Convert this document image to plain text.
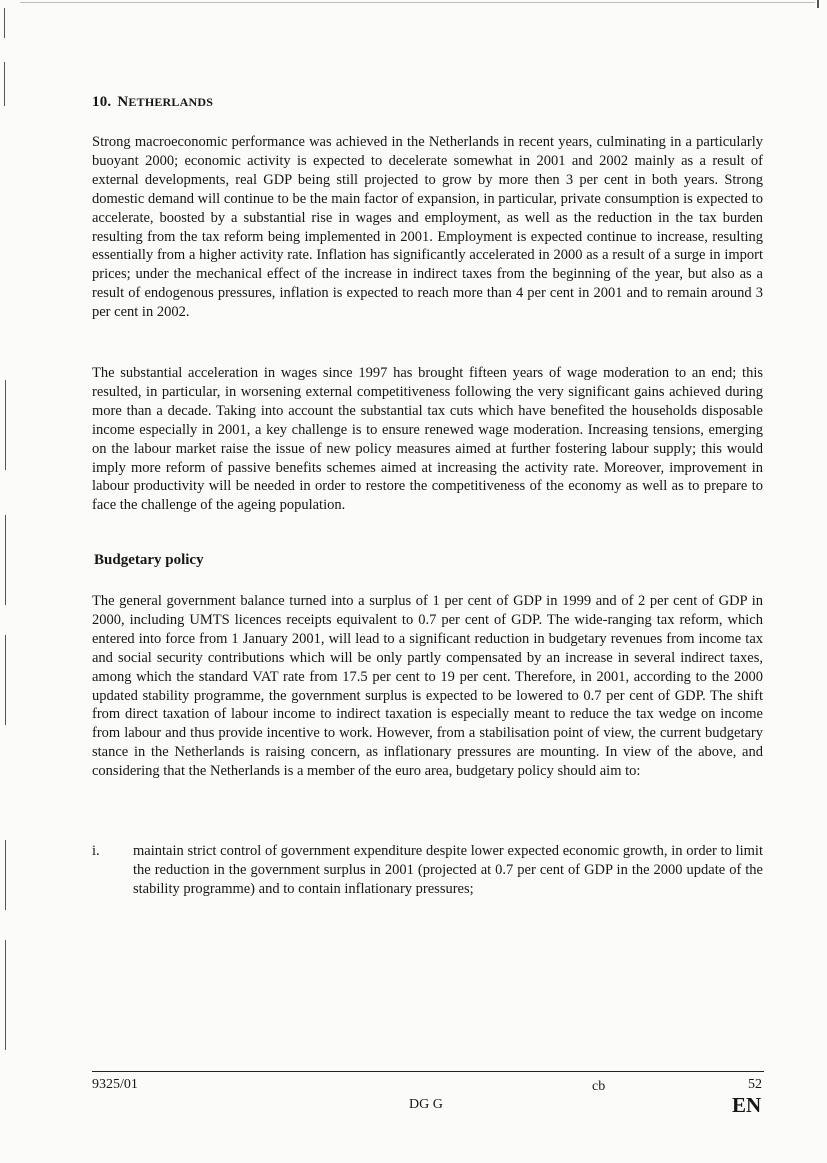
10. NETHERLANDS

Strong macroeconomic performance was achieved in the Netherlands in recent years, culminating in a particularly buoyant 2000; economic activity is expected to decelerate somewhat in 2001 and 2002 mainly as a result of external developments, real GDP being still projected to grow by more then 3 per cent in both years. Strong domestic demand will continue to be the main factor of expansion, in particular, private consumption is expected to accelerate, boosted by a substantial rise in wages and employment, as well as the reduction in the tax burden resulting from the tax reform being implemented in 2001. Employment is expected continue to increase, resulting essentially from a higher activity rate. Inflation has significantly accelerated in 2000 as a result of a surge in import prices; under the mechanical effect of the increase in indirect taxes from the beginning of the year, but also as a result of endogenous pressures, inflation is expected to reach more than 4 per cent in 2001 and to remain around 3 per cent in 2002.

The substantial acceleration in wages since 1997 has brought fifteen years of wage moderation to an end; this resulted, in particular, in worsening external competitiveness following the very significant gains achieved during more than a decade. Taking into account the substantial tax cuts which have benefited the households disposable income especially in 2001, a key challenge is to ensure renewed wage moderation. Increasing tensions, emerging on the labour market raise the issue of new policy measures aimed at further fostering labour supply; this would imply more reform of passive benefits schemes aimed at increasing the activity rate. Moreover, improvement in labour productivity will be needed in order to restore the competitiveness of the economy as well as to prepare to face the challenge of the ageing population.

Budgetary policy

The general government balance turned into a surplus of 1 per cent of GDP in 1999 and of 2 per cent of GDP in 2000, including UMTS licences receipts equivalent to 0.7 per cent of GDP. The wide-ranging tax reform, which entered into force from 1 January 2001, will lead to a significant reduction in budgetary revenues from income tax and social security contributions which will be only partly compensated by an increase in several indirect taxes, among which the standard VAT rate from 17.5 per cent to 19 per cent. Therefore, in 2001, according to the 2000 updated stability programme, the government surplus is expected to be lowered to 0.7 per cent of GDP. The shift from direct taxation of labour income to indirect taxation is especially meant to reduce the tax wedge on income from labour and thus provide incentive to work. However, from a stabilisation point of view, the current budgetary stance in the Netherlands is raising concern, as inflationary pressures are mounting. In view of the above, and considering that the Netherlands is a member of the euro area, budgetary policy should aim to:

i. maintain strict control of government expenditure despite lower expected economic growth, in order to limit the reduction in the government surplus in 2001 (projected at 0.7 per cent of GDP in the 2000 update of the stability programme) and to contain inflationary pressures;

9325/01	cb	52
DG G	EN
